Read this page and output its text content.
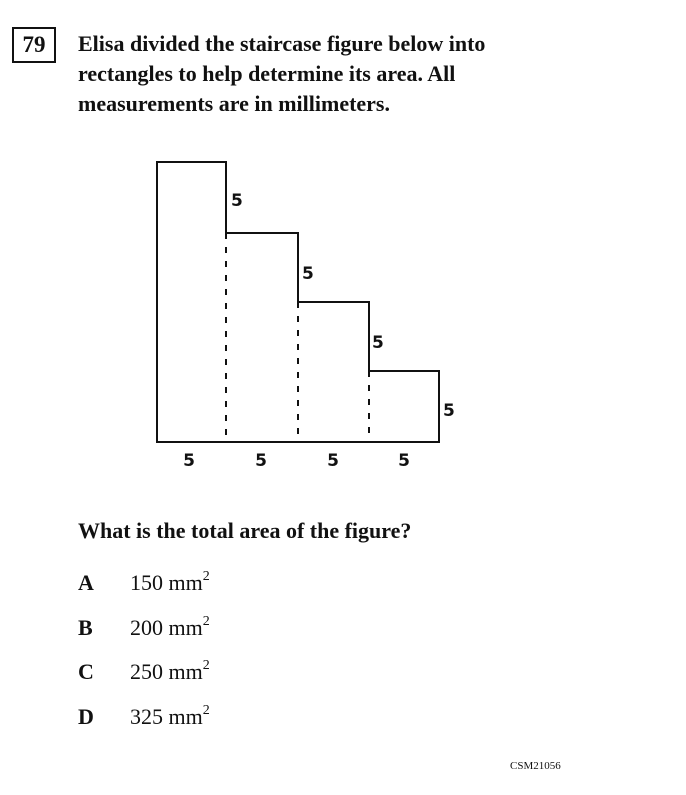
79	Elisa divided the staircase figure below into
rectangles to help determine its area. All
measurements are in millimeters.
5
5
5
5
5	5	5	5
What is the total area of the figure?
A 150 $mm^2$
B 200 $mm^2$
C 250 $mm^2$
D 325 $mm^2$
CSM21056
